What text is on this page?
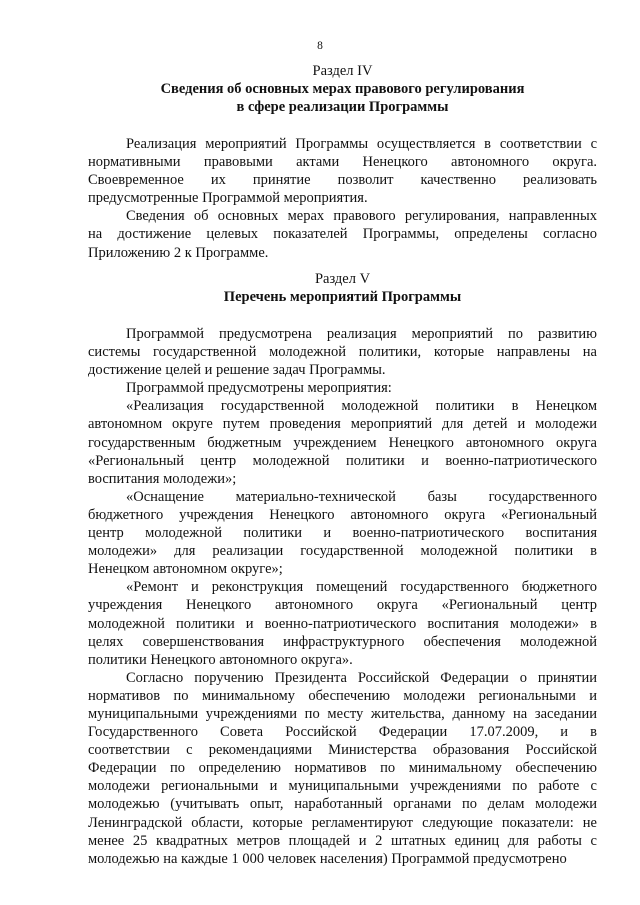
8
Раздел IV
Сведения об основных мерах правового регулирования
в сфере реализации Программы

Реализация мероприятий Программы осуществляется в соответствии с
нормативными правовыми актами Ненецкого автономного округа.
Своевременное их принятие позволит качественно реализовать
предусмотренные Программой мероприятия.

Сведения об основных мерах правового регулирования, направленных
на достижение целевых показателей Программы, определены согласно
Приложению 2 к Программе.

Раздел V
Перечень мероприятий Программы

Программой предусмотрена реализация мероприятий по развитию
системы государственной молодежной политики, которые направлены на
достижение целей и решение задач Программы.

Программой предусмотрены мероприятия:

«Реализация государственной молодежной политики в Ненецком
автономном округе путем проведения мероприятий для детей и молодежи
государственным бюджетным учреждением Ненецкого автономного округа
«Региональный центр молодежной политики и военно-патриотического
воспитания молодежи»;

«Оснащение материально-технической базы государственного
бюджетного учреждения Ненецкого автономного округа «Региональный
центр молодежной политики и военно-патриотического воспитания
молодежи» для реализации государственной молодежной политики в
Ненецком автономном округе»;

«Ремонт и реконструкция помещений государственного бюджетного
учреждения Ненецкого автономного округа «Региональный центр
молодежной политики и военно-патриотического воспитания молодежи» в
целях совершенствования инфраструктурного обеспечения молодежной
политики Ненецкого автономного округа».

Согласно поручению Президента Российской Федерации о принятии
нормативов по минимальному обеспечению молодежи региональными и
муниципальными учреждениями по месту жительства, данному на заседании
Государственного Совета Российской Федерации 17.07.2009, и в
соответствии с рекомендациями Министерства образования Российской
Федерации по определению нормативов по минимальному обеспечению
молодежи региональными и муниципальными учреждениями по работе с
молодежью (учитывать опыт, наработанный органами по делам молодежи
Ленинградской области, которые регламентируют следующие показатели: не
менее 25 квадратных метров площадей и 2 штатных единиц для работы с
молодежью на каждые 1 000 человек населения) Программой предусмотрено
